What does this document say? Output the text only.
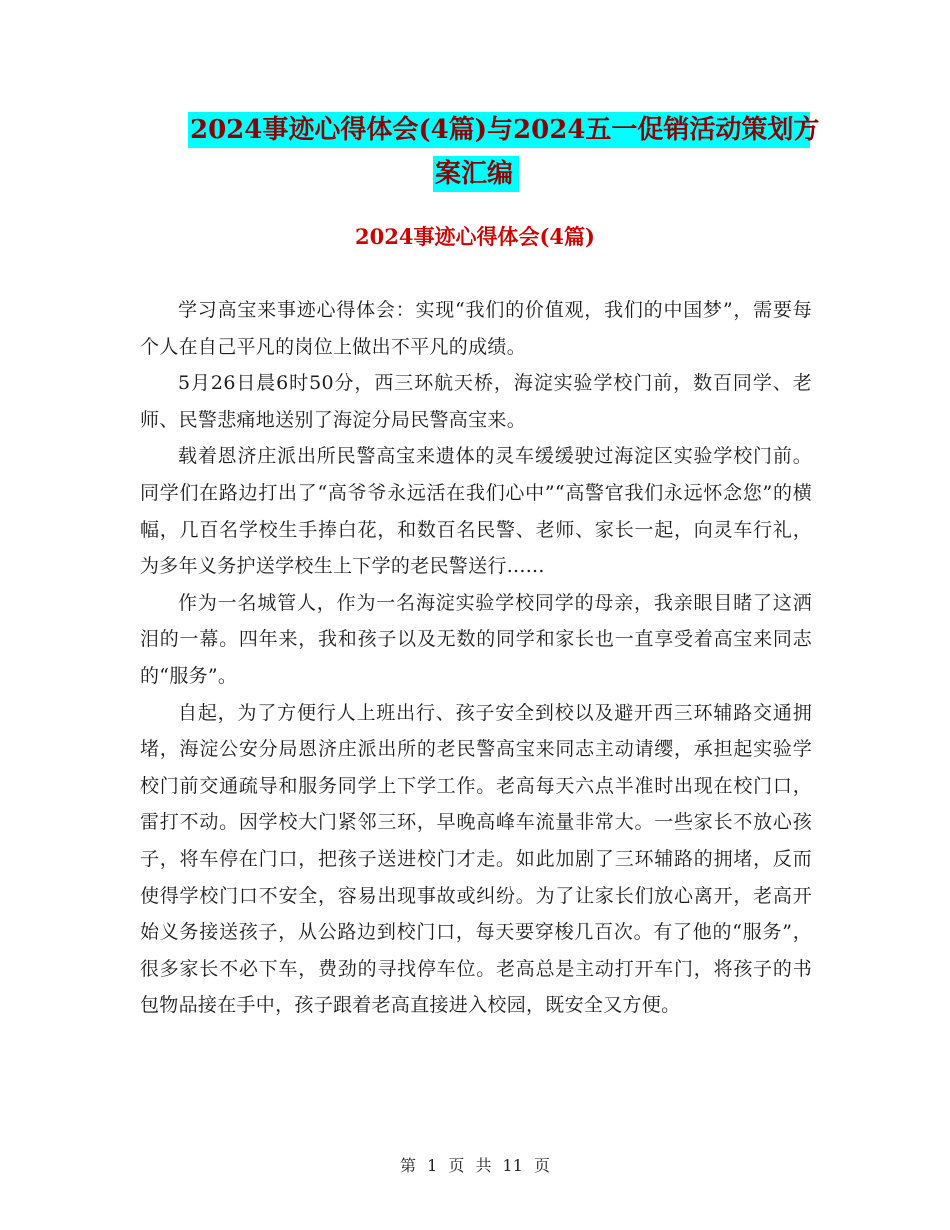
2024事迹心得体会(4篇)与2024五一促销活动策划方
案汇编
2024事迹心得体会(4篇)

学习高宝来事迹心得体会：实现“我们的价值观，我们的中国梦”，需要每个人在自己平凡的岗位上做出不平凡的成绩。

5月26日晨6时50分，西三环航天桥，海淀实验学校门前，数百同学、老师、民警悲痛地送别了海淀分局民警高宝来。

载着恩济庄派出所民警高宝来遗体的灵车缓缓驶过海淀区实验学校门前。同学们在路边打出了“高爷爷永远活在我们心中”“高警官我们永远怀念您”的横幅，几百名学校生手捧白花，和数百名民警、老师、家长一起，向灵车行礼，为多年义务护送学校生上下学的老民警送行......

作为一名城管人，作为一名海淀实验学校同学的母亲，我亲眼目睹了这洒泪的一幕。四年来，我和孩子以及无数的同学和家长也一直享受着高宝来同志的“服务”。

自起，为了方便行人上班出行、孩子安全到校以及避开西三环辅路交通拥堵，海淀公安分局恩济庄派出所的老民警高宝来同志主动请缨，承担起实验学校门前交通疏导和服务同学上下学工作。老高每天六点半准时出现在校门口，雷打不动。因学校大门紧邻三环，早晚高峰车流量非常大。一些家长不放心孩子，将车停在门口，把孩子送进校门才走。如此加剧了三环辅路的拥堵，反而使得学校门口不安全，容易出现事故或纠纷。为了让家长们放心离开，老高开始义务接送孩子，从公路边到校门口，每天要穿梭几百次。有了他的“服务”，很多家长不必下车，费劲的寻找停车位。老高总是主动打开车门，将孩子的书包物品接在手中，孩子跟着老高直接进入校园，既安全又方便。

第 1 页 共 11 页
